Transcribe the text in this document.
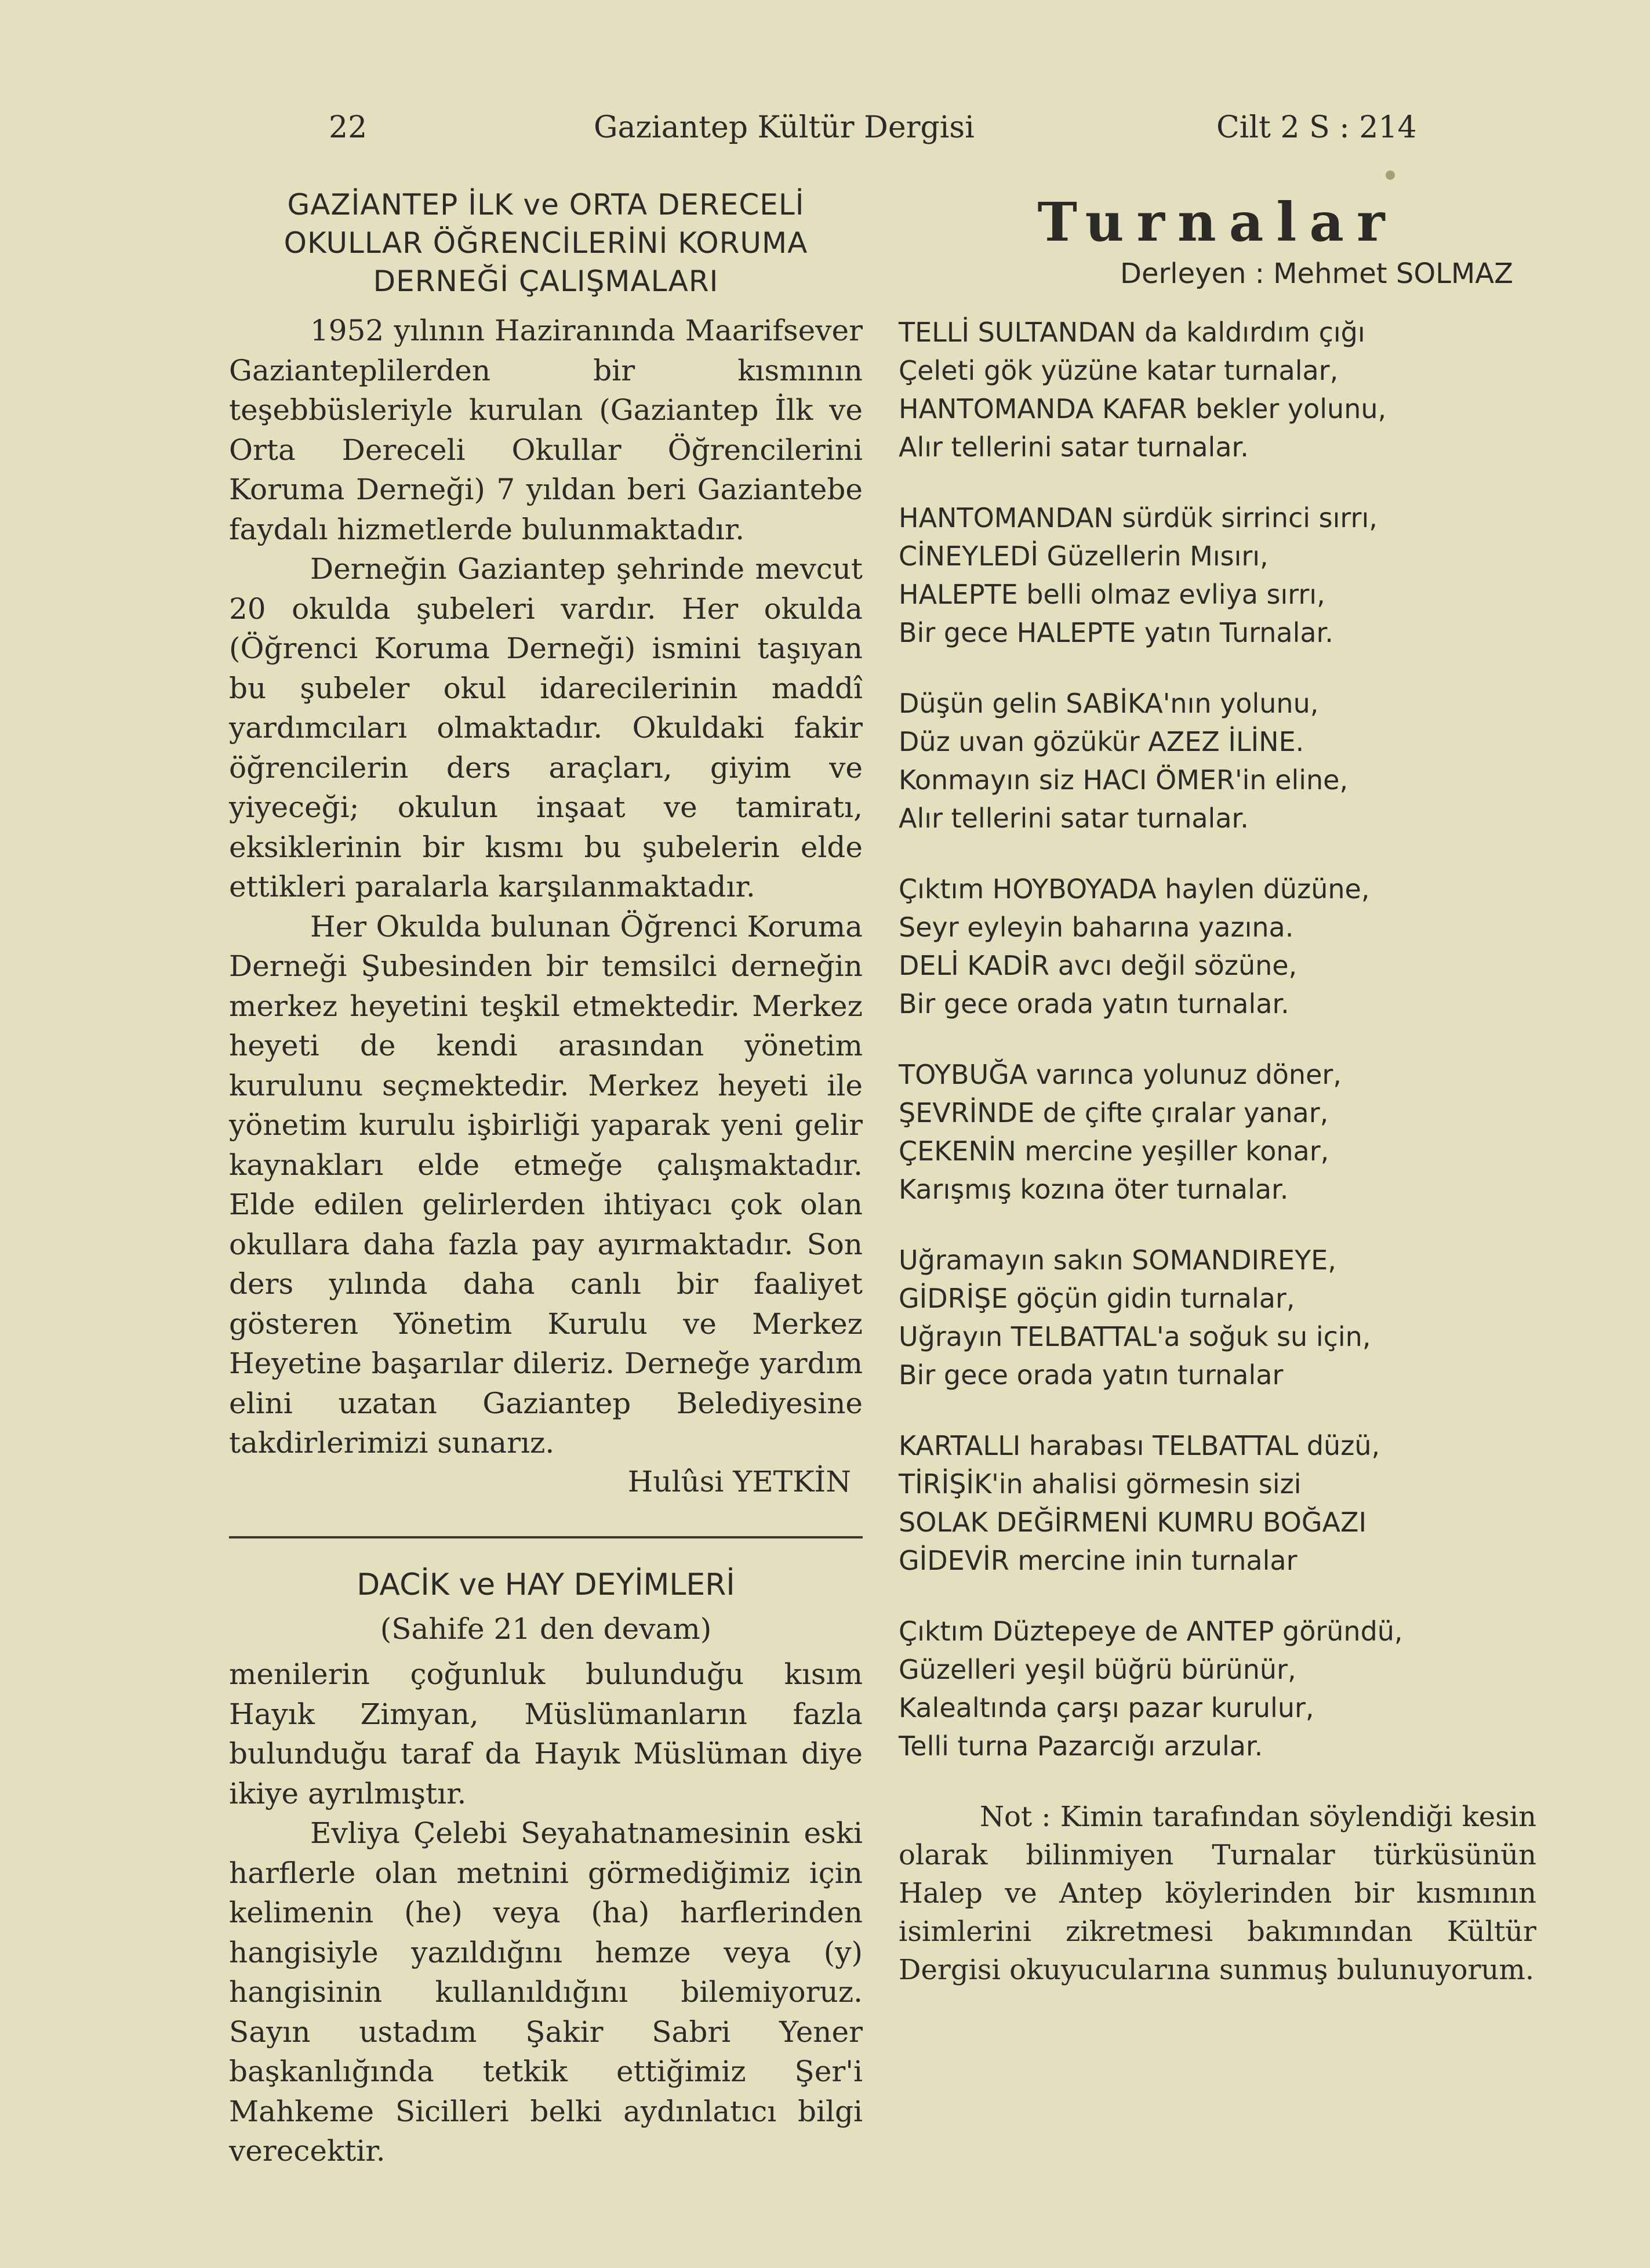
22	Gaziantep Kültür Dergisi	Cilt 2 S : 214
GAZİANTEP İLK ve ORTA DERECELİ
OKULLAR ÖĞRENCİLERİNİ KORUMA
DERNEĞİ ÇALIŞMALARI

1952 yılının Haziranında Maarifsever Gazianteplilerden bir kısmının teşebbüsleriyle kurulan (Gaziantep İlk ve Orta Dereceli Okullar Öğrencilerini Koruma Derneği) 7 yıldan beri Gaziantebe faydalı hizmetlerde bulunmaktadır.

Derneğin Gaziantep şehrinde mevcut 20 okulda şubeleri vardır. Her okulda (Öğrenci Koruma Derneği) ismini taşıyan bu şubeler okul idarecilerinin maddî yardımcıları olmaktadır. Okuldaki fakir öğrencilerin ders araçları, giyim ve yiyeceği; okulun inşaat ve tamiratı, eksiklerinin bir kısmı bu şubelerin elde ettikleri paralarla karşılanmaktadır.

Her Okulda bulunan Öğrenci Koruma Derneği Şubesinden bir temsilci derneğin merkez heyetini teşkil etmektedir. Merkez heyeti de kendi arasından yönetim kurulunu seçmektedir. Merkez heyeti ile yönetim kurulu işbirliği yaparak yeni gelir kaynakları elde etmeğe çalışmaktadır. Elde edilen gelirlerden ihtiyacı çok olan okullara daha fazla pay ayırmaktadır. Son ders yılında daha canlı bir faaliyet gösteren Yönetim Kurulu ve Merkez Heyetine başarılar dileriz. Derneğe yardım elini uzatan Gaziantep Belediyesine takdirlerimizi sunarız.

Hulûsi YETKİN
DACİK ve HAY DEYİMLERİ
(Sahife 21 den devam)

menilerin çoğunluk bulunduğu kısım Hayık Zimyan, Müslümanların fazla bulunduğu taraf da Hayık Müslüman diye ikiye ayrılmıştır.

Evliya Çelebi Seyahatnamesinin eski harflerle olan metnini görmediğimiz için kelimenin (he) veya (ha) harflerinden hangisiyle yazıldığını hemze veya (y) hangisinin kullanıldığını bilemiyoruz. Sayın ustadım Şakir Sabri Yener başkanlığında tetkik ettiğimiz Şer'i Mahkeme Sicilleri belki aydınlatıcı bilgi verecektir.

Turnalar
Derleyen : Mehmet SOLMAZ
TELLİ SULTANDAN da kaldırdım çığı
Çeleti gök yüzüne katar turnalar,
HANTOMANDA KAFAR bekler yolunu,
Alır tellerini satar turnalar.
HANTOMANDAN sürdük sirrinci sırrı,
CİNEYLEDİ Güzellerin Mısırı,
HALEPTE belli olmaz evliya sırrı,
Bir gece HALEPTE yatın Turnalar.
Düşün gelin SABİKA'nın yolunu,
Düz uvan gözükür AZEZ İLİNE.
Konmayın siz HACI ÖMER'in eline,
Alır tellerini satar turnalar.
Çıktım HOYBOYADA haylen düzüne,
Seyr eyleyin baharına yazına.
DELİ KADİR avcı değil sözüne,
Bir gece orada yatın turnalar.
TOYBUĞA varınca yolunuz döner,
ŞEVRİNDE de çifte çıralar yanar,
ÇEKENİN mercine yeşiller konar,
Karışmış kozına öter turnalar.
Uğramayın sakın SOMANDIREYE,
GİDRİŞE göçün gidin turnalar,
Uğrayın TELBATTAL'a soğuk su için,
Bir gece orada yatın turnalar
KARTALLI harabası TELBATTAL düzü,
TİRİŞİK'in ahalisi görmesin sizi
SOLAK DEĞİRMENİ KUMRU BOĞAZI
GİDEVİR mercine inin turnalar
Çıktım Düztepeye de ANTEP göründü,
Güzelleri yeşil büğrü bürünür,
Kalealtında çarşı pazar kurulur,
Telli turna Pazarcığı arzular.

Not : Kimin tarafından söylendiği kesin olarak bilinmiyen Turnalar türküsünün Halep ve Antep köylerinden bir kısmının isimlerini zikretmesi bakımından Kültür Dergisi okuyucularına sunmuş bulunuyorum.
